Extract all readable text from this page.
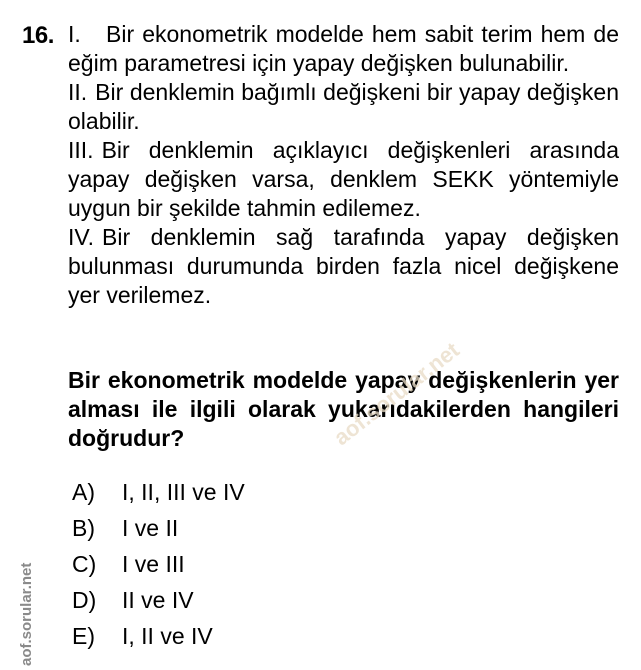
16. I. Bir ekonometrik modelde hem sabit terim hem de eğim parametresi için yapay değişken bulunabilir.
II. Bir denklemin bağımlı değişkeni bir yapay değişken olabilir.
III. Bir denklemin açıklayıcı değişkenleri arasında yapay değişken varsa, denklem SEKK yöntemiyle uygun bir şekilde tahmin edilemez.
IV. Bir denklemin sağ tarafında yapay değişken bulunması durumunda birden fazla nicel değişkene yer verilemez.
Bir ekonometrik modelde yapay değişkenlerin yer alması ile ilgili olarak yukarıdakilerden hangileri doğrudur?
A)	I, II, III ve IV
B)	I ve II
C)	I ve III
D)	II ve IV
E)	I, II ve IV
aof.sorular.net
aof.sorular.net
